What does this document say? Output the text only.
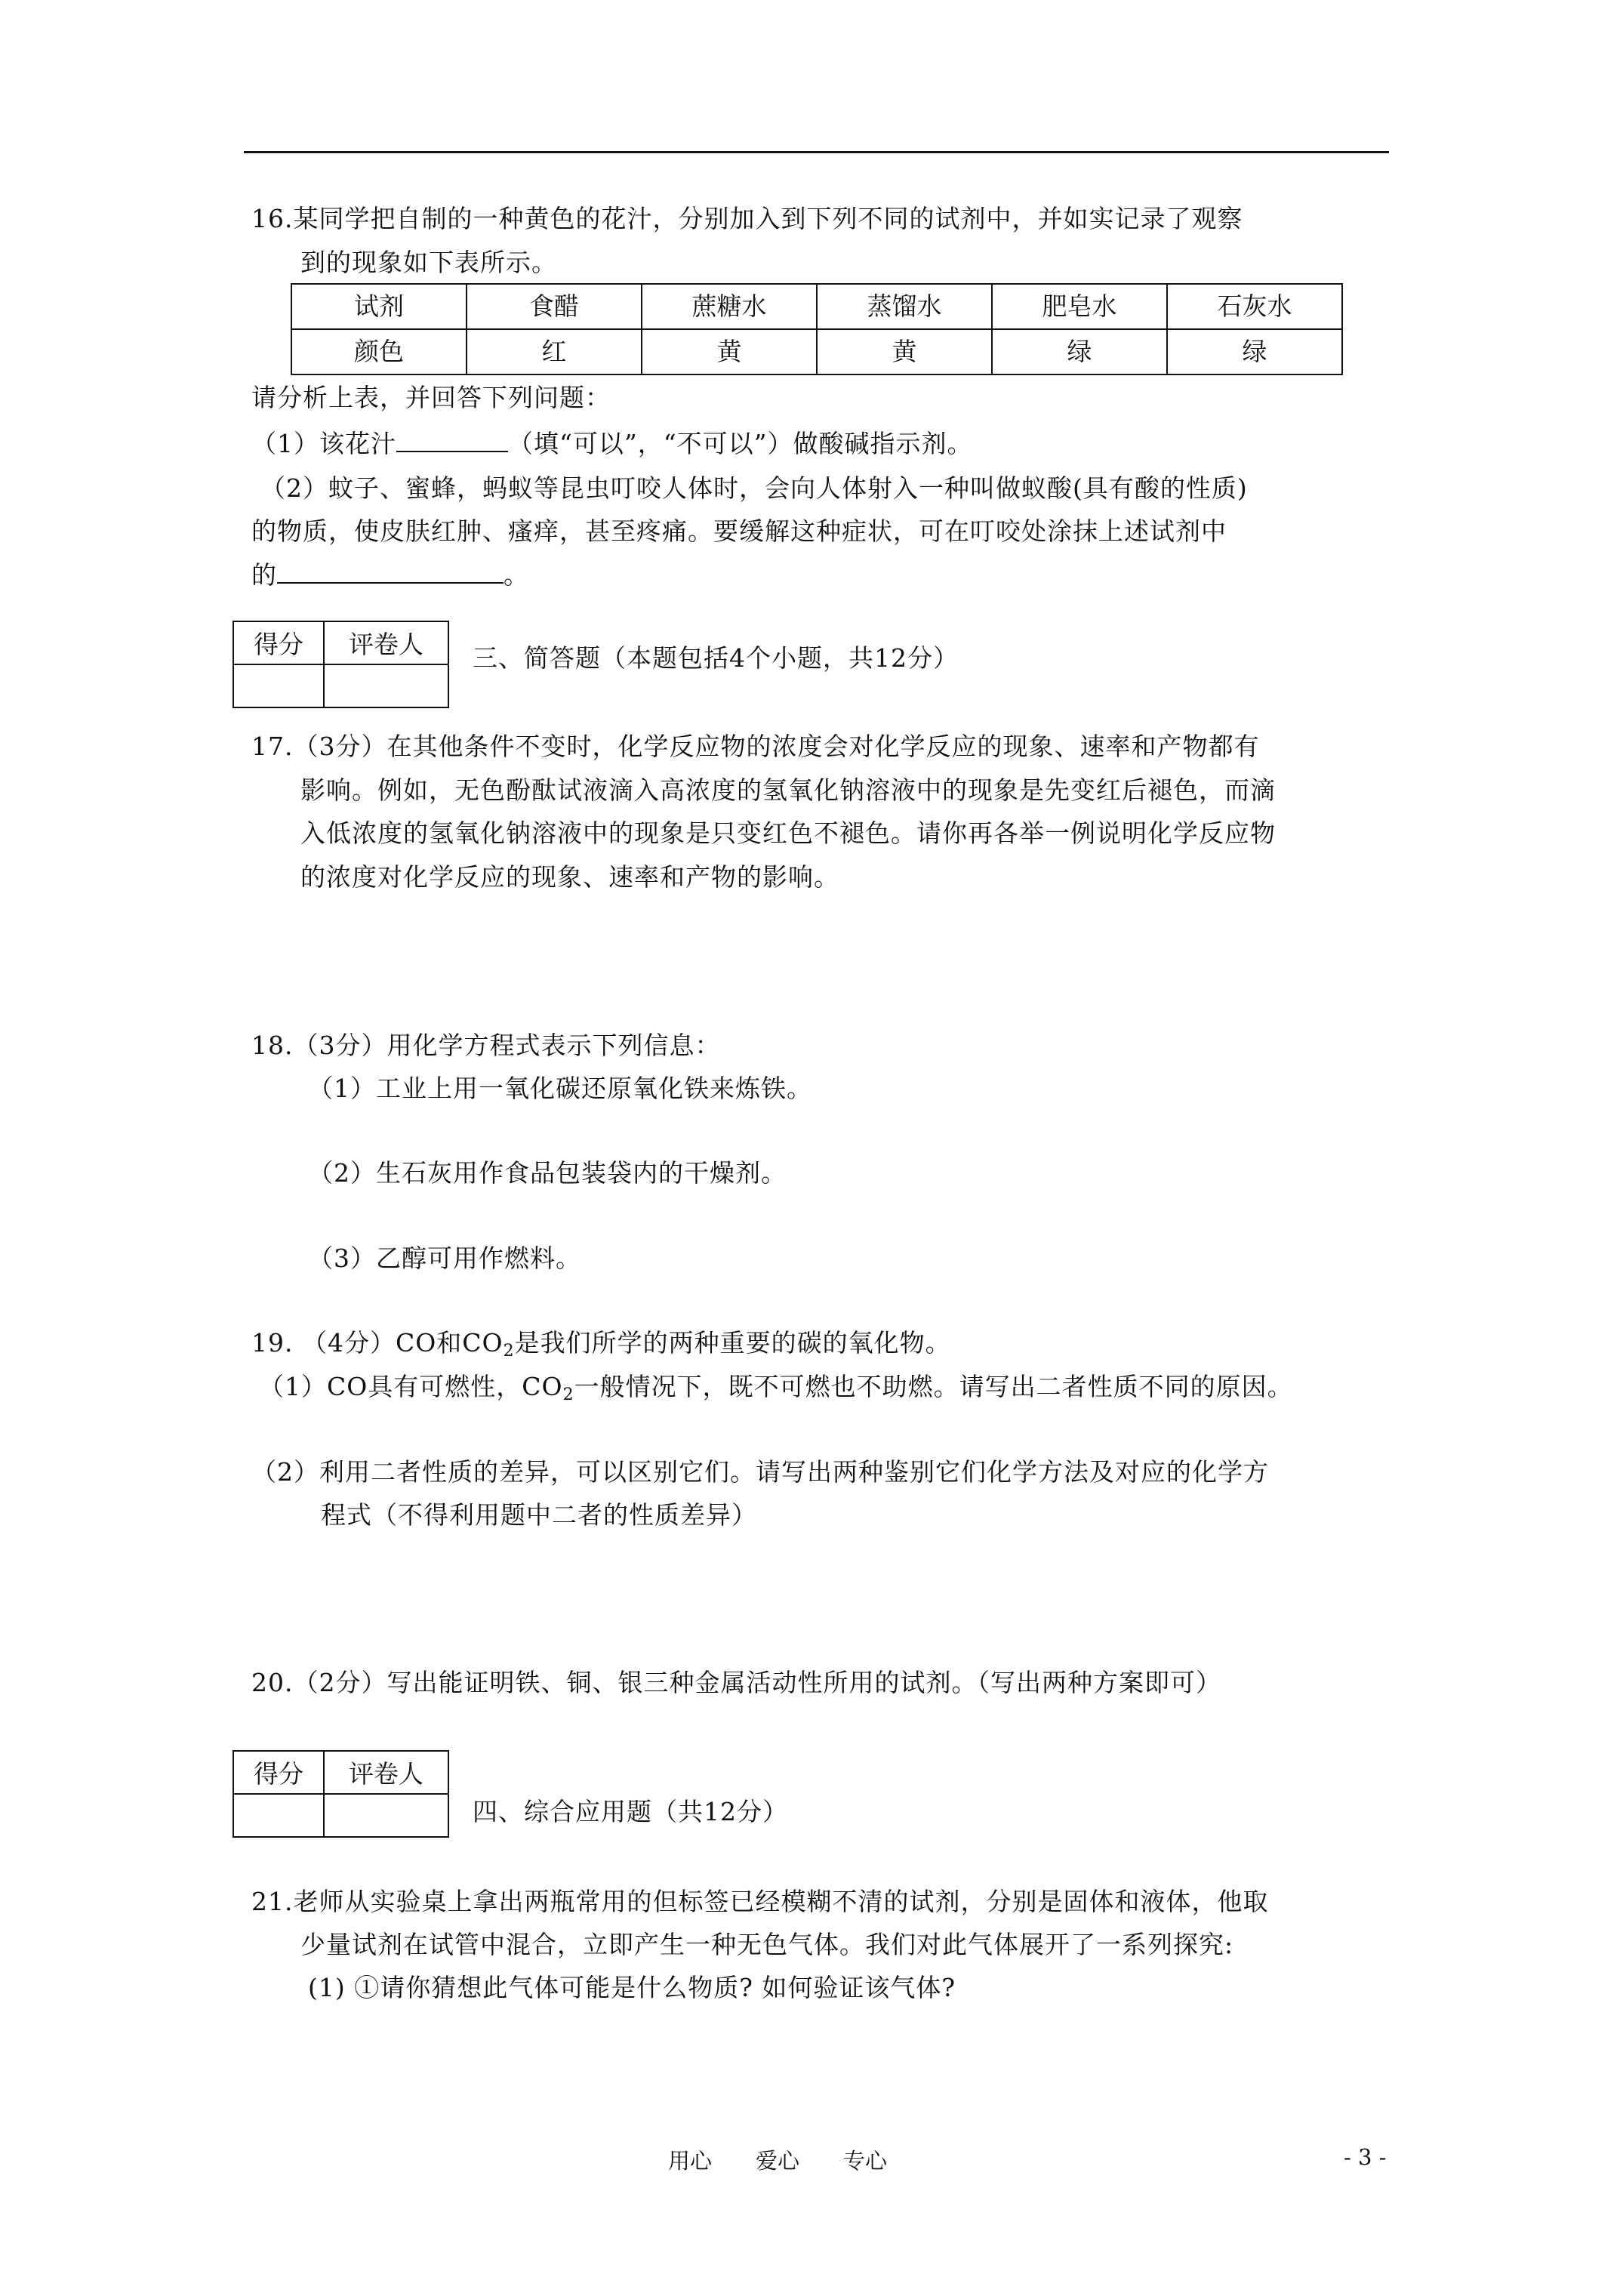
16.某同学把自制的一种黄色的花汁，分别加入到下列不同的试剂中，并如实记录了观察
到的现象如下表所示。
试剂	食醋	蔗糖水	蒸馏水	肥皂水	石灰水
颜色	红	黄	黄	绿	绿
请分析上表，并回答下列问题：
（1）该花汁	（填“可以”，“不可以”）做酸碱指示剂。
（2）蚊子、蜜蜂，蚂蚁等昆虫叮咬人体时，会向人体射入一种叫做蚁酸(具有酸的性质)
的物质，使皮肤红肿、瘙痒，甚至疼痛。要缓解这种症状，可在叮咬处涂抹上述试剂中
的	。
得分	评卷人
	三、简答题（本题包括4个小题，共12分）
17.（3分）在其他条件不变时，化学反应物的浓度会对化学反应的现象、速率和产物都有
影响。例如，无色酚酞试液滴入高浓度的氢氧化钠溶液中的现象是先变红后褪色，而滴
入低浓度的氢氧化钠溶液中的现象是只变红色不褪色。请你再各举一例说明化学反应物
的浓度对化学反应的现象、速率和产物的影响。
18.（3分）用化学方程式表示下列信息：
（1）工业上用一氧化碳还原氧化铁来炼铁。
（2）生石灰用作食品包装袋内的干燥剂。
（3）乙醇可用作燃料。
19. （4分）CO和$CO_2$是我们所学的两种重要的碳的氧化物。
（1）CO具有可燃性，$CO_2$一般情况下，既不可燃也不助燃。请写出二者性质不同的原因。
（2）利用二者性质的差异，可以区别它们。请写出两种鉴别它们化学方法及对应的化学方
程式（不得利用题中二者的性质差异）
20.（2分）写出能证明铁、铜、银三种金属活动性所用的试剂。（写出两种方案即可）
得分	评卷人

四、综合应用题（共12分）
21.老师从实验桌上拿出两瓶常用的但标签已经模糊不清的试剂，分别是固体和液体，他取
少量试剂在试管中混合，立即产生一种无色气体。我们对此气体展开了一系列探究:
(1) ①请你猜想此气体可能是什么物质? 如何验证该气体?
用心　　爱心　　专心	- 3 -
